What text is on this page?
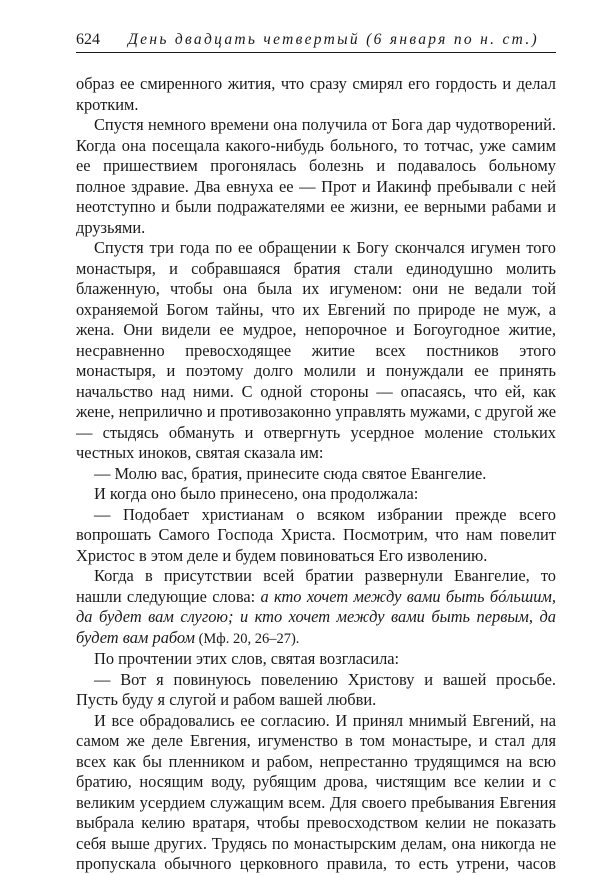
624 День двадцать четвертый (6 января по н. ст.)

образ ее смиренного жития, что сразу смирял его гордость и делал кротким.

Спустя немного времени она получила от Бога дар чудотворений. Когда она посещала какого-нибудь больного, то тотчас, уже самим ее пришествием прогонялась болезнь и подавалось больному полное здравие. Два евнуха ее — Прот и Иакинф пребывали с ней неотступно и были подражателями ее жизни, ее верными рабами и друзьями.

Спустя три года по ее обращении к Богу скончался игумен того монастыря, и собравшаяся братия стали единодушно молить блаженную, чтобы она была их игуменом: они не ведали той охраняемой Богом тайны, что их Евгений по природе не муж, а жена. Они видели ее мудрое, непорочное и Богоугодное житие, несравненно превосходящее житие всех постников этого монастыря, и поэтому долго молили и понуждали ее принять начальство над ними. С одной стороны — опасаясь, что ей, как жене, неприлично и противозаконно управлять мужами, с другой же — стыдясь обмануть и отвергнуть усердное моление стольких честных иноков, святая сказала им:

— Молю вас, братия, принесите сюда святое Евангелие.

И когда оно было принесено, она продолжала:

— Подобает христианам о всяком избрании прежде всего вопрошать Самого Господа Христа. Посмотрим, что нам повелит Христос в этом деле и будем повиноваться Его изволению.

Когда в присутствии всей братии развернули Евангелие, то нашли следующие слова: а кто хочет между вами быть бóльшим, да будет вам слугою; и кто хочет между вами быть первым, да будет вам рабом (Мф. 20, 26–27).

По прочтении этих слов, святая возгласила:

— Вот я повинуюсь повелению Христову и вашей просьбе. Пусть буду я слугой и рабом вашей любви.

И все обрадовались ее согласию. И принял мнимый Евгений, на самом же деле Евгения, игуменство в том монастыре, и стал для всех как бы пленником и рабом, непрестанно трудящимся на всю братию, носящим воду, рубящим дрова, чистящим все келии и с великим усердием служащим всем. Для своего пребывания Евгения выбрала келию вратаря, чтобы превосходством келии не показать себя выше других. Трудясь по монастырским делам, она никогда не пропускала обычного церковного правила, то есть утрени, часов
